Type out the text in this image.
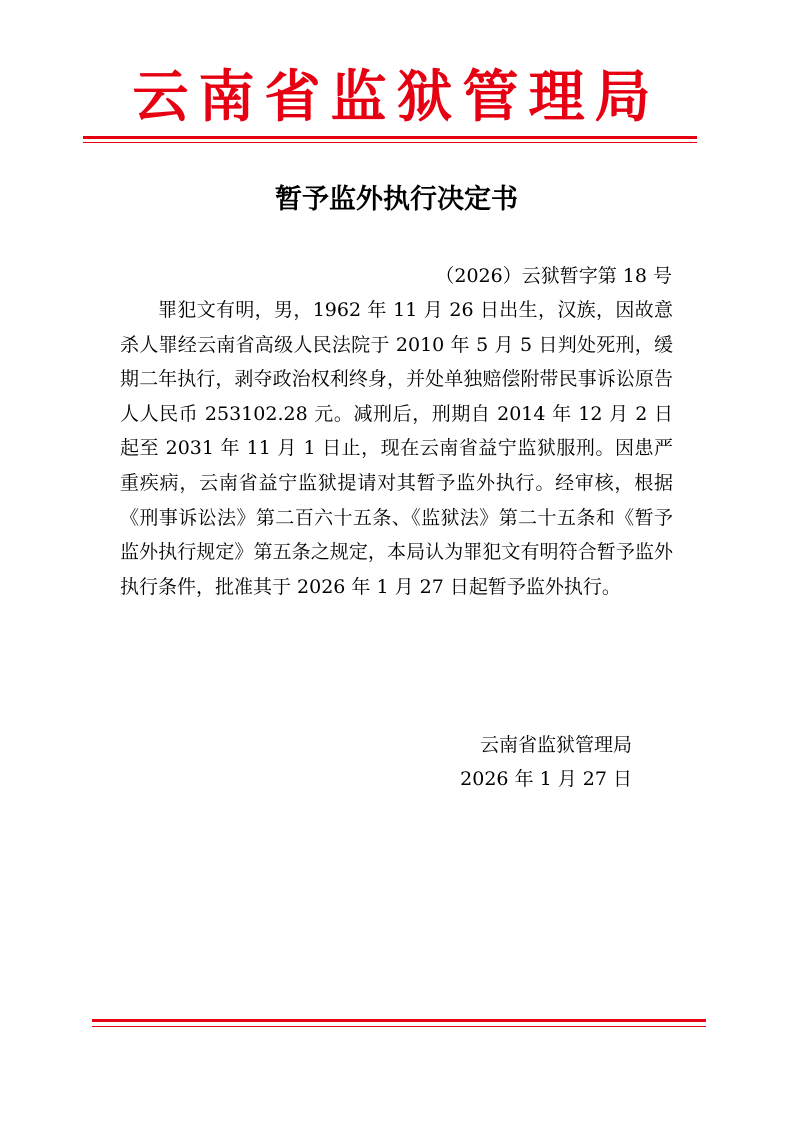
云南省监狱管理局
暂予监外执行决定书
（2026）云狱暂字第 18 号

罪犯文有明，男，1962 年 11 月 26 日出生，汉族，因故意杀人罪经云南省高级人民法院于 2010 年 5 月 5 日判处死刑，缓期二年执行，剥夺政治权利终身，并处单独赔偿附带民事诉讼原告人人民币 253102.28 元。减刑后，刑期自 2014 年 12 月 2 日起至 2031 年 11 月 1 日止，现在云南省益宁监狱服刑。因患严重疾病，云南省益宁监狱提请对其暂予监外执行。经审核，根据《刑事诉讼法》第二百六十五条、《监狱法》第二十五条和《暂予监外执行规定》第五条之规定，本局认为罪犯文有明符合暂予监外执行条件，批准其于 2026 年 1 月 27 日起暂予监外执行。

云南省监狱管理局
2026 年 1 月 27 日
